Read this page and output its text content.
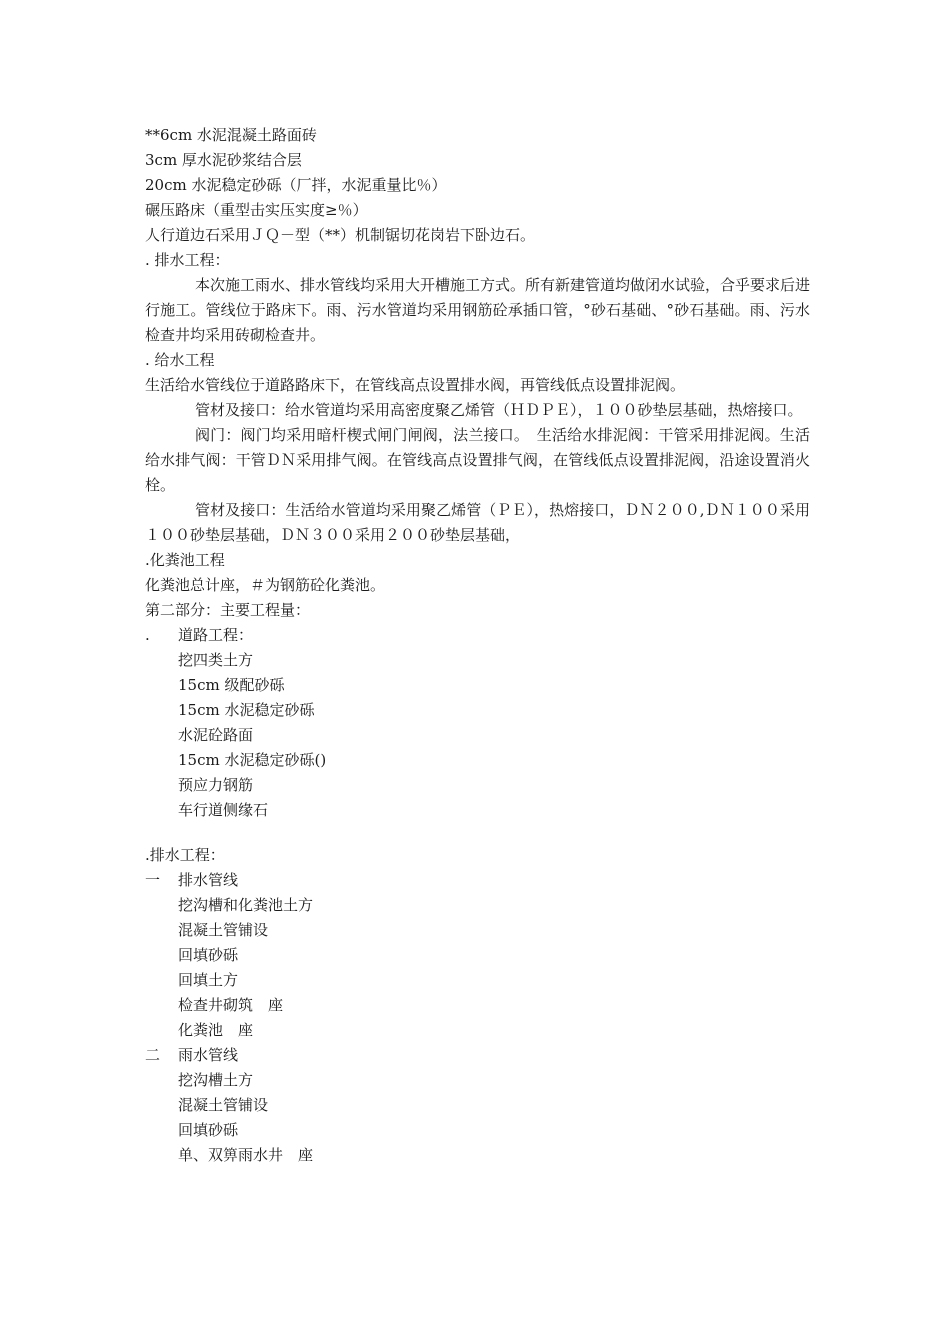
**6cm 水泥混凝土路面砖
3cm 厚水泥砂浆结合层
20cm 水泥稳定砂砾（厂拌，水泥重量比％）
碾压路床（重型击实压实度≥％）
人行道边石采用ＪＱ－型（**）机制锯切花岗岩下卧边石。
. 排水工程：
本次施工雨水、排水管线均采用大开槽施工方式。所有新建管道均做闭水试验，合乎要求后进行施工。管线位于路床下。雨、污水管道均采用钢筋砼承插口管，°砂石基础、°砂石基础。雨、污水检查井均采用砖砌检查井。
. 给水工程
生活给水管线位于道路路床下，在管线高点设置排水阀，再管线低点设置排泥阀。
管材及接口：给水管道均采用高密度聚乙烯管（ＨＤＰＥ），１００砂垫层基础，热熔接口。
阀门：阀门均采用暗杆楔式闸门闸阀，法兰接口。　生活给水排泥阀：干管采用排泥阀。生活给水排气阀：干管ＤＮ采用排气阀。在管线高点设置排气阀，在管线低点设置排泥阀，沿途设置消火栓。
管材及接口：生活给水管道均采用聚乙烯管（ＰＥ），热熔接口，ＤＮ２００,ＤＮ１００采用１００砂垫层基础，ＤＮ３００采用２００砂垫层基础，
.化粪池工程
化粪池总计座，＃为钢筋砼化粪池。
第二部分：主要工程量：
. 道路工程：
挖四类土方
15cm 级配砂砾
15cm 水泥稳定砂砾
水泥砼路面
15cm 水泥稳定砂砾()
预应力钢筋
车行道侧缘石
.排水工程：
一 排水管线
挖沟槽和化粪池土方
混凝土管铺设
回填砂砾
回填土方
检查井砌筑　座
化粪池　座
二 雨水管线
挖沟槽土方
混凝土管铺设
回填砂砾
单、双箅雨水井　座
